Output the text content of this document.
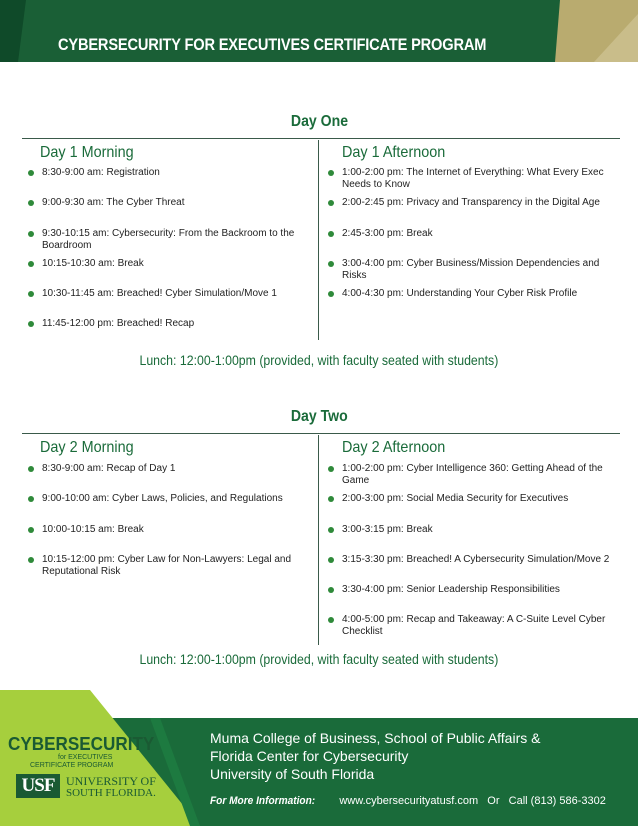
CYBERSECURITY FOR EXECUTIVES CERTIFICATE PROGRAM
Day One
Day 1 Morning	Day 1 Afternoon
8:30-9:00 am: Registration
9:00-9:30 am: The Cyber Threat
9:30-10:15 am: Cybersecurity: From the Backroom to the Boardroom
10:15-10:30 am: Break
10:30-11:45 am: Breached! Cyber Simulation/Move 1
11:45-12:00 pm: Breached! Recap
1:00-2:00 pm: The Internet of Everything: What Every Exec Needs to Know
2:00-2:45 pm: Privacy and Transparency in the Digital Age
2:45-3:00 pm: Break
3:00-4:00 pm: Cyber Business/Mission Dependencies and Risks
4:00-4:30 pm: Understanding Your Cyber Risk Profile
Lunch: 12:00-1:00pm (provided, with faculty seated with students)
Day Two
Day 2 Morning	Day 2 Afternoon
8:30-9:00 am: Recap of Day 1
9:00-10:00 am: Cyber Laws, Policies, and Regulations
10:00-10:15 am: Break
10:15-12:00 pm: Cyber Law for Non-Lawyers: Legal and Reputational Risk
1:00-2:00 pm: Cyber Intelligence 360: Getting Ahead of the Game
2:00-3:00 pm: Social Media Security for Executives
3:00-3:15 pm: Break
3:15-3:30 pm: Breached! A Cybersecurity Simulation/Move 2
3:30-4:00 pm: Senior Leadership Responsibilities
4:00-5:00 pm: Recap and Takeaway: A C-Suite Level Cyber Checklist
Lunch: 12:00-1:00pm (provided, with faculty seated with students)
CYBERSECURITY
for EXECUTIVES
CERTIFICATE PROGRAM
USF UNIVERSITY OF
SOUTH FLORIDA.
Muma College of Business, School of Public Affairs &
Florida Center for Cybersecurity
University of South Florida
For More Information: www.cybersecurityatusf.com   Or   Call (813) 586-3302
